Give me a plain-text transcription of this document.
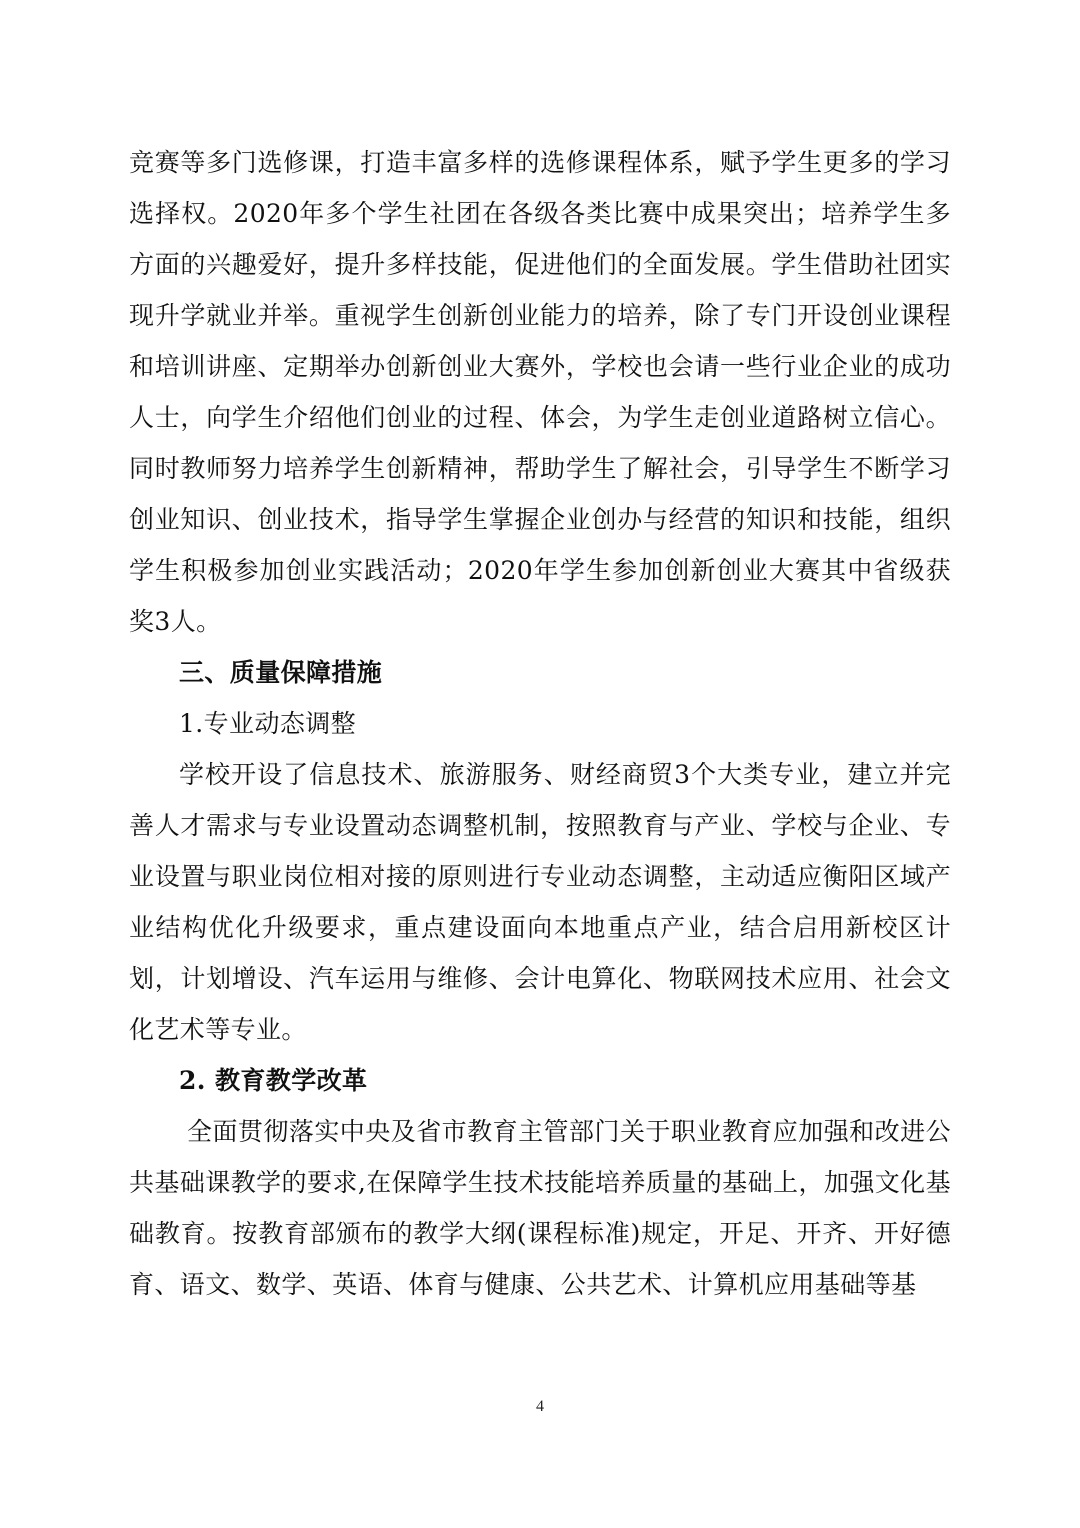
竞赛等多门选修课，打造丰富多样的选修课程体系，赋予学生更多的学习选择权。2020年多个学生社团在各级各类比赛中成果突出；培养学生多方面的兴趣爱好，提升多样技能，促进他们的全面发展。学生借助社团实现升学就业并举。重视学生创新创业能力的培养，除了专门开设创业课程和培训讲座、定期举办创新创业大赛外，学校也会请一些行业企业的成功人士，向学生介绍他们创业的过程、体会，为学生走创业道路树立信心。同时教师努力培养学生创新精神，帮助学生了解社会，引导学生不断学习创业知识、创业技术，指导学生掌握企业创办与经营的知识和技能，组织学生积极参加创业实践活动；2020年学生参加创新创业大赛其中省级获奖3人。

三、质量保障措施

1.专业动态调整

学校开设了信息技术、旅游服务、财经商贸3个大类专业，建立并完善人才需求与专业设置动态调整机制，按照教育与产业、学校与企业、专业设置与职业岗位相对接的原则进行专业动态调整，主动适应衡阳区域产业结构优化升级要求，重点建设面向本地重点产业，结合启用新校区计划，计划增设、汽车运用与维修、会计电算化、物联网技术应用、社会文化艺术等专业。

2. 教育教学改革

全面贯彻落实中央及省市教育主管部门关于职业教育应加强和改进公共基础课教学的要求,在保障学生技术技能培养质量的基础上，加强文化基础教育。按教育部颁布的教学大纲(课程标准)规定，开足、开齐、开好德育、语文、数学、英语、体育与健康、公共艺术、计算机应用基础等基

4
